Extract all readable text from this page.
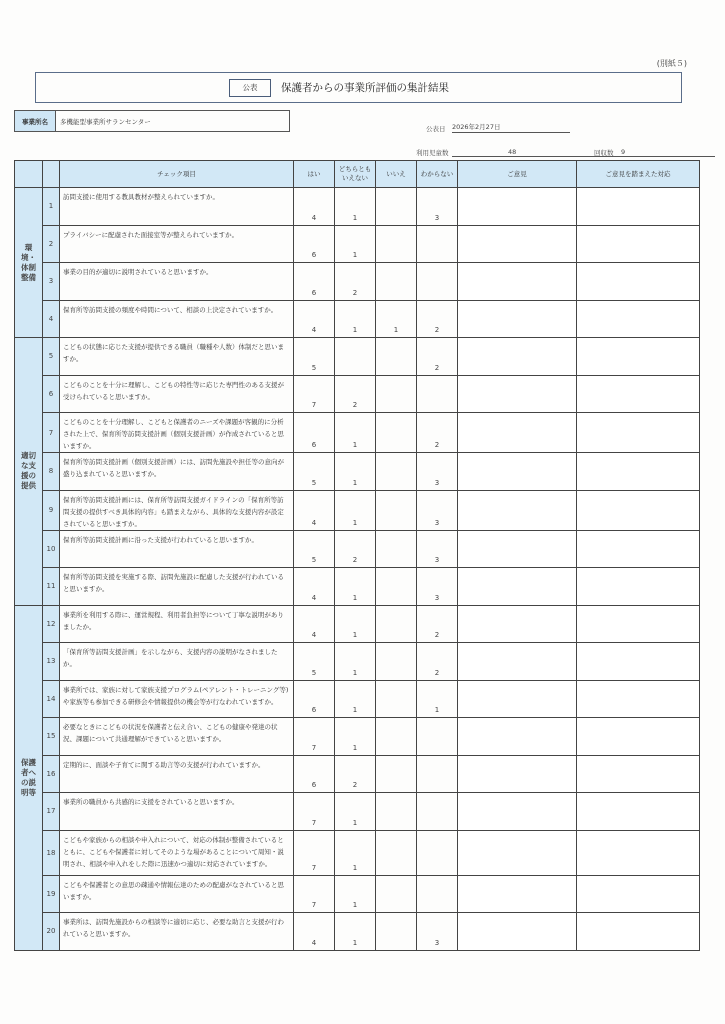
(別紙５)
公表	保護者からの事業所評価の集計結果
事業所名	多機能型事業所サランセンター
公表日 2026年2月27日
利用児童数	48	回収数 9
		チェック項目	はい	どちらとも いえない	いいえ	わからない	ご意見	ご意見を踏まえた対応
環境・体制整備	1	訪問支援に使用する教具教材が整えられていますか。	4	1		3		
	2	プライバシーに配慮された面接室等が整えられていますか。	6	1				
	3	事業の目的が適切に説明されていると思いますか。	6	2				
	4	保育所等訪問支援の頻度や時間について、相談の上決定されていますか。	4	1	1	2		
適切な支援の提供	5	こどもの状態に応じた支援が提供できる職員（職種や人数）体制だと思いますか。	5			2		
	6	こどものことを十分に理解し、こどもの特性等に応じた専門性のある支援が受けられていると思いますか。	7	2				
	7	こどものことを十分理解し、こどもと保護者のニーズや課題が客観的に分析された上で、保育所等訪問支援計画（個別支援計画）が作成されていると思いますか。	6	1		2		
	8	保育所等訪問支援計画（個別支援計画）には、訪問先施設や担任等の意向が盛り込まれていると思いますか。	5	1		3		
	9	保育所等訪問支援計画には、保育所等訪問支援ガイドラインの「保育所等訪問支援の提供すべき具体的内容」も踏まえながら、具体的な支援内容が設定されていると思いますか。	4	1		3		
	10	保育所等訪問支援計画に沿った支援が行われていると思いますか。	5	2		3		
	11	保育所等訪問支援を実施する際、訪問先施設に配慮した支援が行われていると思いますか。	4	1		3		
保護者への説明等	12	事業所を利用する際に、運営規程、利用者負担等について丁寧な説明がありましたか。	4	1		2		
	13	「保育所等訪問支援計画」を示しながら、支援内容の説明がなされましたか。	5	1		2		
	14	事業所では、家族に対して家族支援プログラム(ペアレント・トレーニング等)や家族等も参加できる研修会や情報提供の機会等が行なわれていますか。	6	1		1		
	15	必要なときにこどもの状況を保護者と伝え合い、こどもの健康や発達の状況、課題について共通理解ができていると思いますか。	7	1				
	16	定期的に、面談や子育てに関する助言等の支援が行われていますか。	6	2				
	17	事業所の職員から共感的に支援をされていると思いますか。	7	1				
	18	こどもや家族からの相談や申入れについて、対応の体制が整備されているとともに、こどもや保護者に対してそのような場があることについて周知・説明され、相談や申入れをした際に迅速かつ適切に対応されていますか。	7	1				
	19	こどもや保護者との意思の疎通や情報伝達のための配慮がなされていると思いますか。	7	1				
	20	事業所は、訪問先施設からの相談等に適切に応じ、必要な助言と支援が行われていると思いますか。	4	1		3		
